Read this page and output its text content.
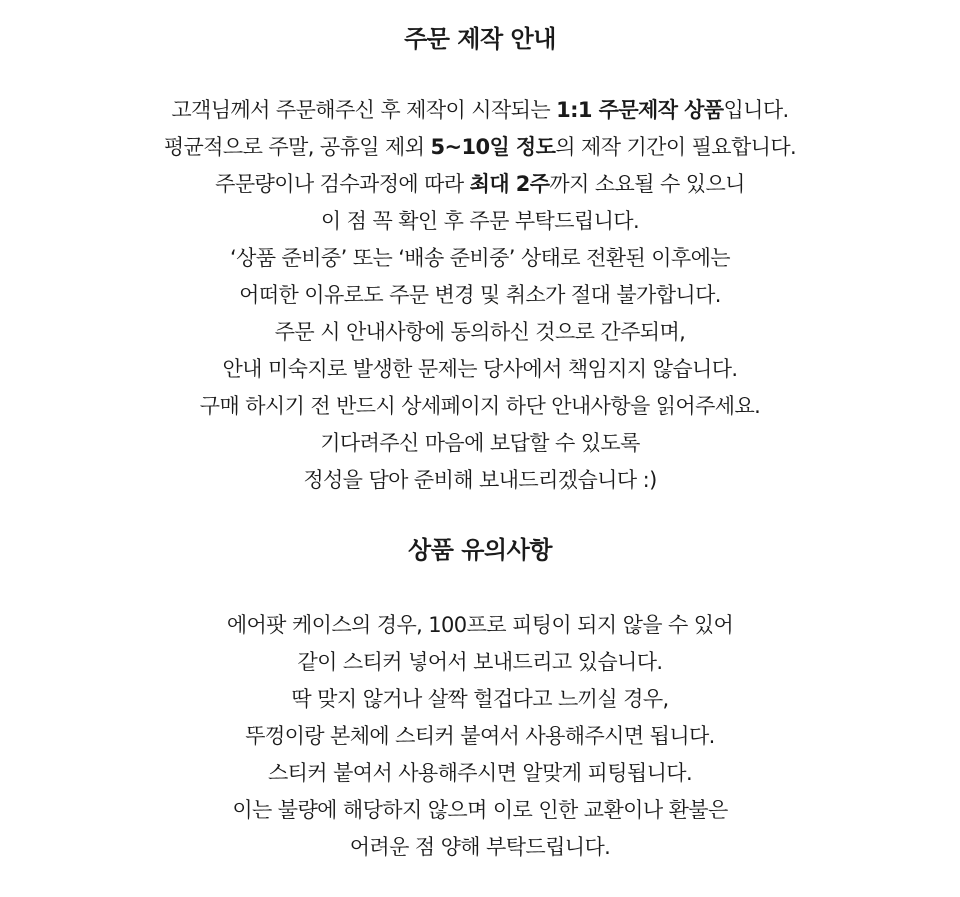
주문 제작 안내
고객님께서 주문해주신 후 제작이 시작되는 1:1 주문제작 상품입니다.
평균적으로 주말, 공휴일 제외 5~10일 정도의 제작 기간이 필요합니다.
주문량이나 검수과정에 따라 최대 2주까지 소요될 수 있으니
이 점 꼭 확인 후 주문 부탁드립니다.
‘상품 준비중’ 또는 ‘배송 준비중’ 상태로 전환된 이후에는
어떠한 이유로도 주문 변경 및 취소가 절대 불가합니다.
주문 시 안내사항에 동의하신 것으로 간주되며,
안내 미숙지로 발생한 문제는 당사에서 책임지지 않습니다.
구매 하시기 전 반드시 상세페이지 하단 안내사항을 읽어주세요.
기다려주신 마음에 보답할 수 있도록
정성을 담아 준비해 보내드리겠습니다 :)
상품 유의사항
에어팟 케이스의 경우, 100프로 피팅이 되지 않을 수 있어
같이 스티커 넣어서 보내드리고 있습니다.
딱 맞지 않거나 살짝 헐겁다고 느끼실 경우,
뚜껑이랑 본체에 스티커 붙여서 사용해주시면 됩니다.
스티커 붙여서 사용해주시면 알맞게 피팅됩니다.
이는 불량에 해당하지 않으며 이로 인한 교환이나 환불은
어려운 점 양해 부탁드립니다.
